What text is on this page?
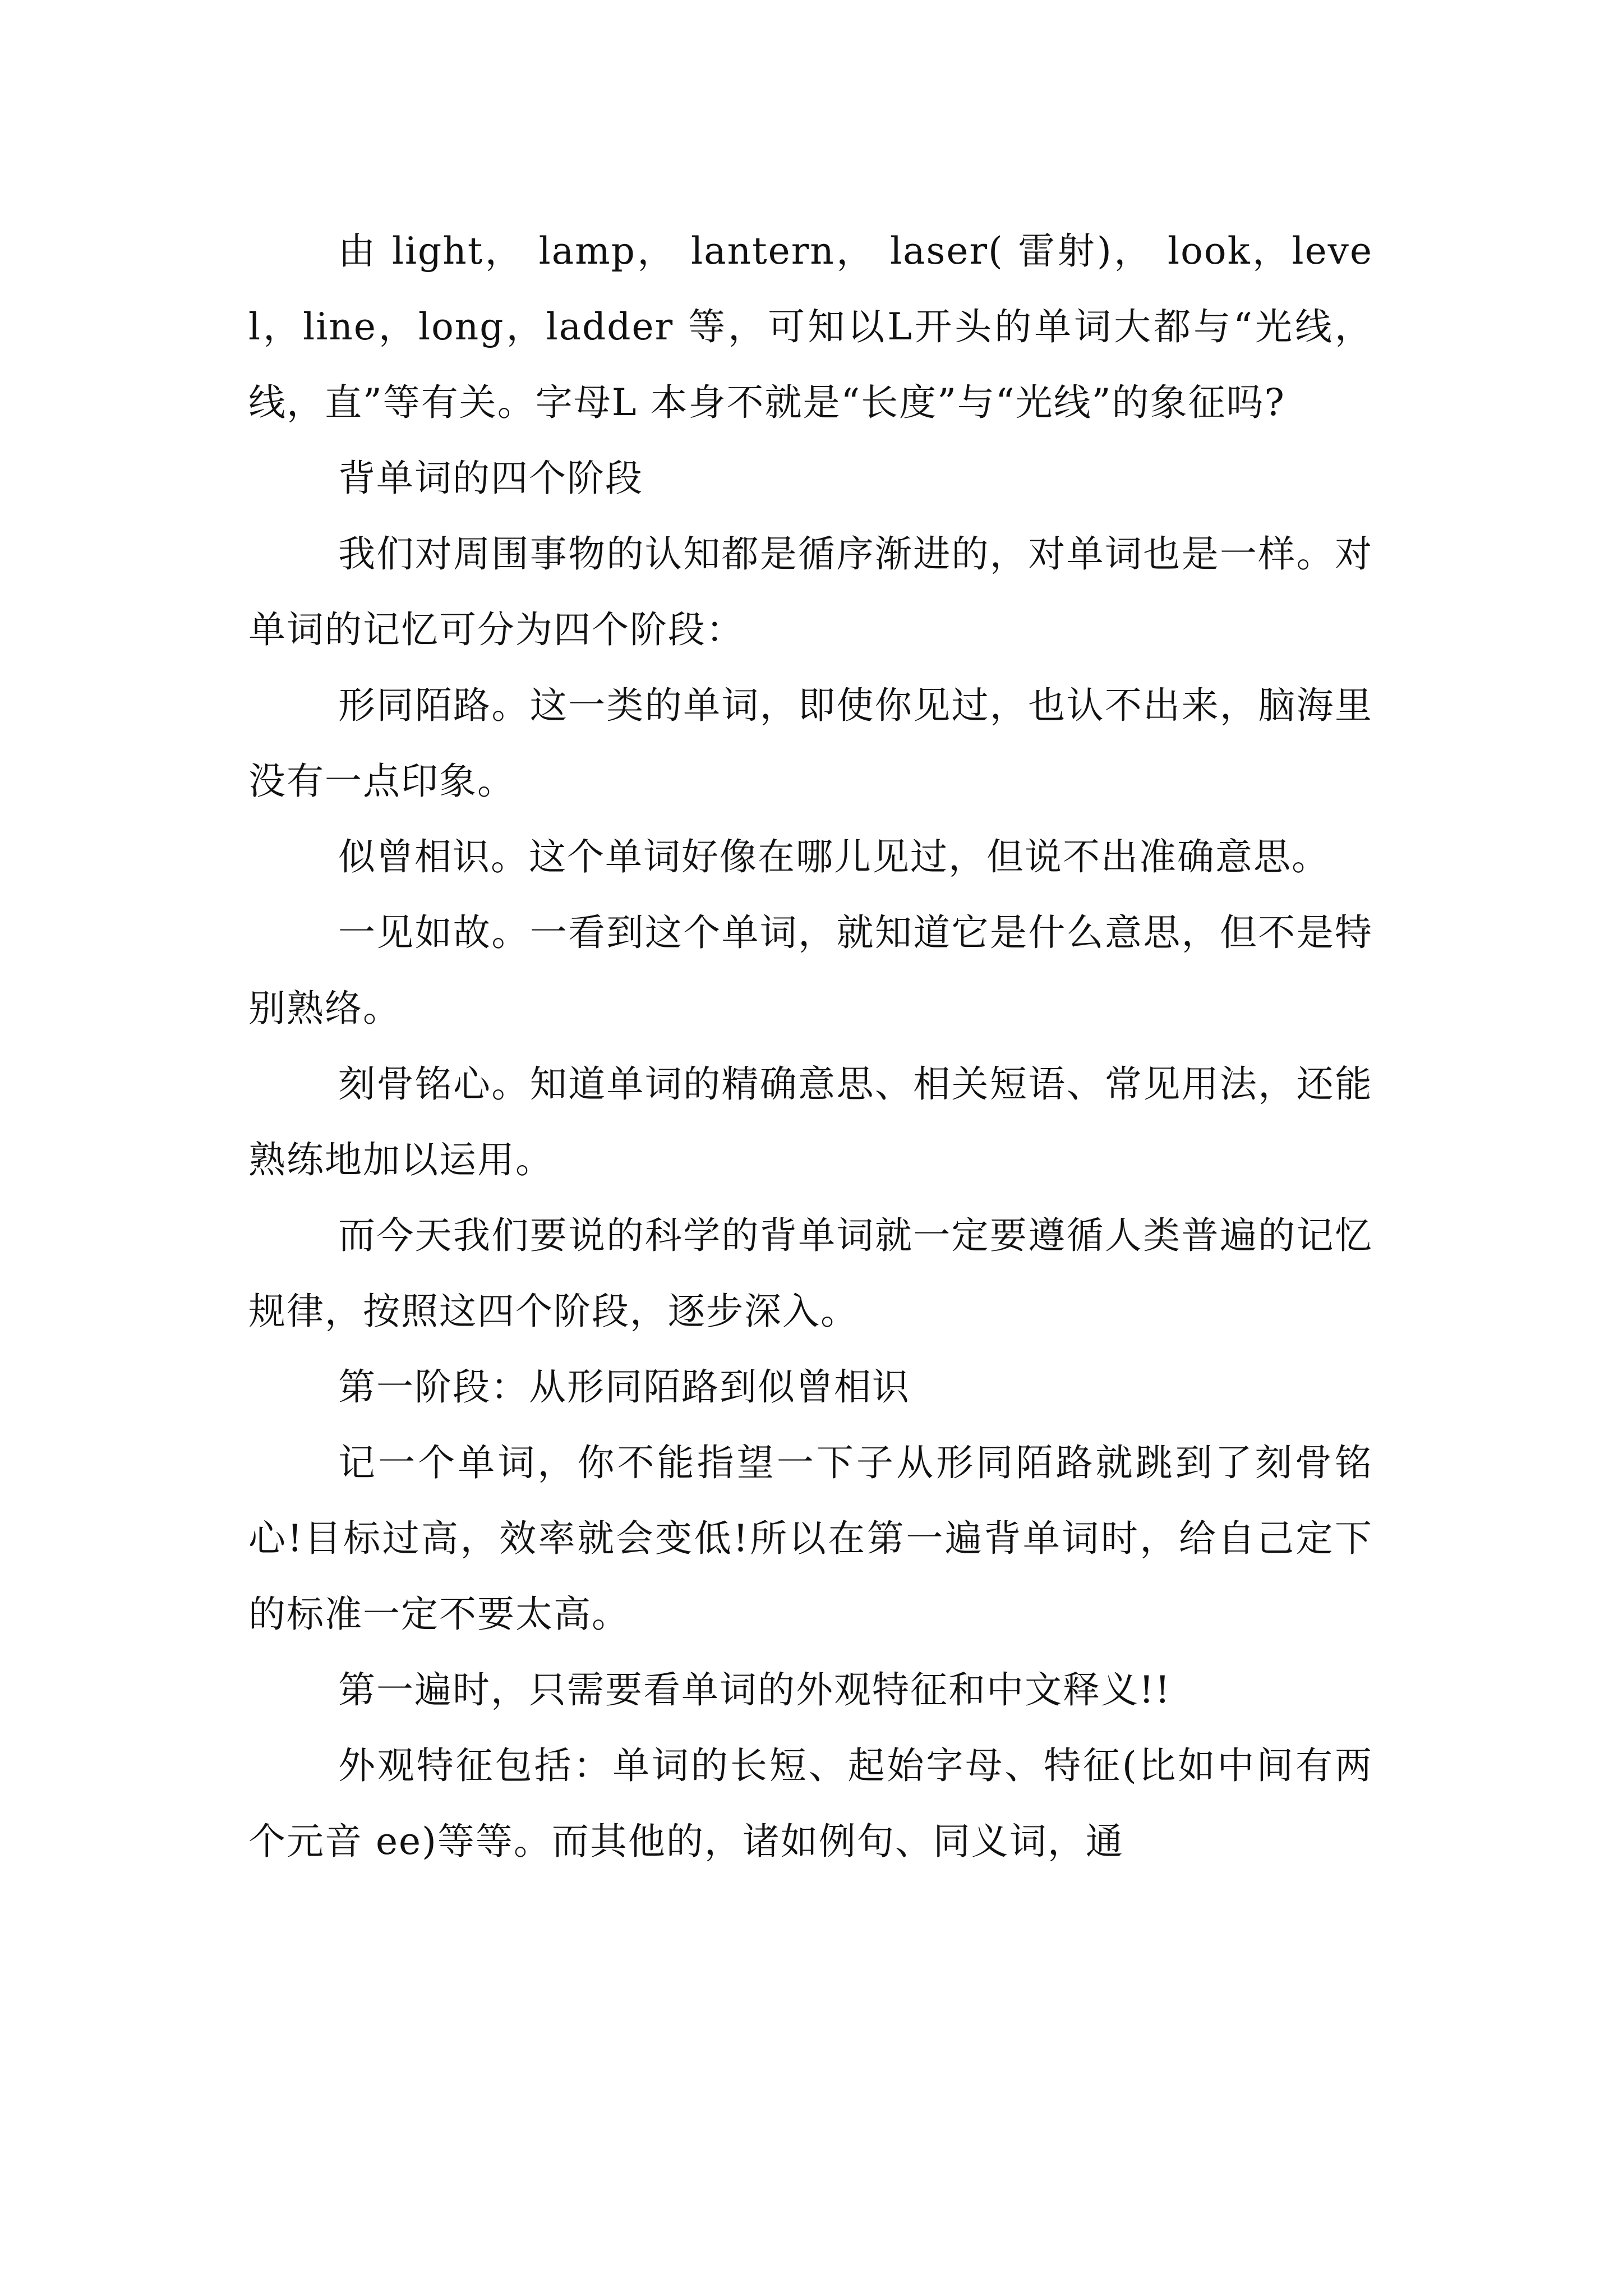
由 light， lamp， lantern， laser( 雷射)， look，level，line，long，ladder 等，可知以L开头的单词大都与“光线，线，直”等有关。字母L 本身不就是“长度”与“光线”的象征吗?

背单词的四个阶段

我们对周围事物的认知都是循序渐进的，对单词也是一样。对单词的记忆可分为四个阶段：

形同陌路。这一类的单词，即使你见过，也认不出来，脑海里没有一点印象。

似曾相识。这个单词好像在哪儿见过，但说不出准确意思。

一见如故。一看到这个单词，就知道它是什么意思，但不是特别熟络。

刻骨铭心。知道单词的精确意思、相关短语、常见用法，还能熟练地加以运用。

而今天我们要说的科学的背单词就一定要遵循人类普遍的记忆规律，按照这四个阶段，逐步深入。

第一阶段：从形同陌路到似曾相识

记一个单词，你不能指望一下子从形同陌路就跳到了刻骨铭心!目标过高，效率就会变低!所以在第一遍背单词时，给自己定下的标准一定不要太高。

第一遍时，只需要看单词的外观特征和中文释义!!

外观特征包括：单词的长短、起始字母、特征(比如中间有两个元音 ee)等等。而其他的，诸如例句、同义词，通
